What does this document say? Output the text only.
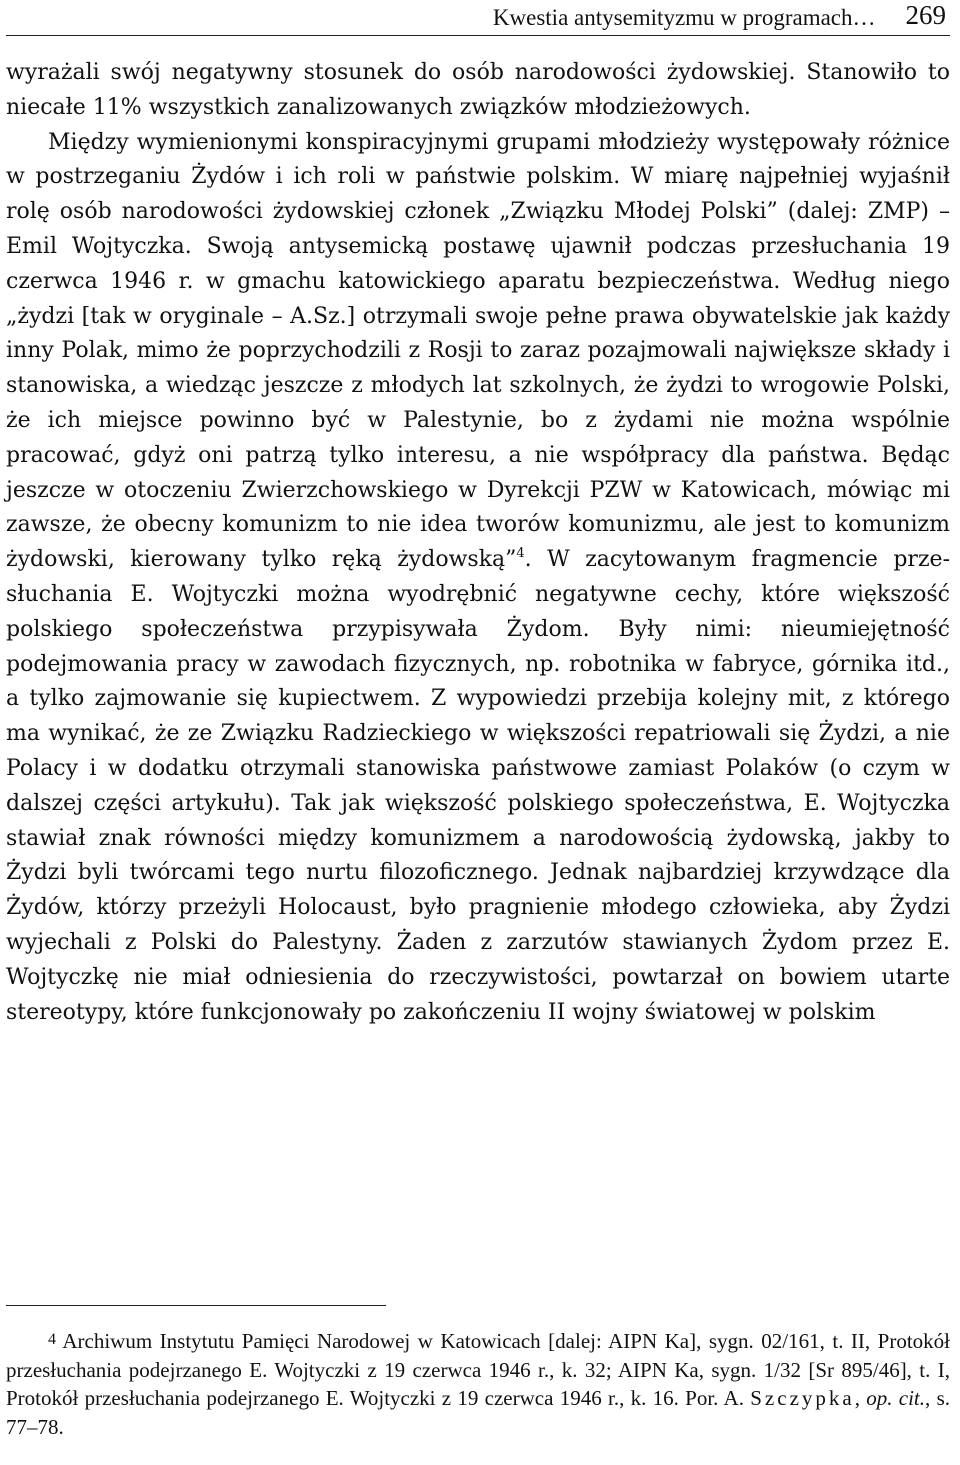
Kwestia antysemityzmu w programach… 269

wyrażali swój negatywny stosunek do osób narodowości żydowskiej. Stanowiło to niecałe 11% wszystkich zanalizowanych związków młodzieżowych.

Między wymienionymi konspiracyjnymi grupami młodzieży występowały różnice w postrzeganiu Żydów i ich roli w państwie polskim. W miarę najpełniej wyjaśnił rolę osób narodowości żydowskiej członek „Związku Młodej Polski” (dalej: ZMP) – Emil Wojtyczka. Swoją antysemicką postawę ujawnił podczas przesłuchania 19 czerwca 1946 r. w gmachu katowickiego aparatu bezpieczeństwa. Według niego „żydzi [tak w oryginale – A.Sz.] otrzymali swoje pełne prawa obywatelskie jak każdy inny Polak, mimo że poprzychodzili z Rosji to zaraz pozajmowali największe składy i stanowiska, a wiedząc jeszcze z młodych lat szkolnych, że żydzi to wrogowie Polski, że ich miejsce powinno być w Palestynie, bo z żydami nie można wspólnie pracować, gdyż oni patrzą tylko interesu, a nie współpracy dla państwa. Będąc jeszcze w otoczeniu Zwierzchowskiego w Dyrekcji PZW w Katowicach, mówiąc mi zawsze, że obecny komunizm to nie idea tworów komunizmu, ale jest to komunizm żydowski, kierowany tylko ręką żydowską”$^4$. W zacytowanym fragmencie przesłuchania E. Wojtyczki można wyodrębnić negatywne cechy, które większość polskiego społeczeństwa przypisywała Żydom. Były nimi: nieumiejętność podejmowania pracy w zawodach fizycznych, np. robotnika w fabryce, górnika itd., a tylko zajmowanie się kupiectwem. Z wypowiedzi przebija kolejny mit, z którego ma wynikać, że ze Związku Radzieckiego w większości repatriowali się Żydzi, a nie Polacy i w dodatku otrzymali stanowiska państwowe zamiast Polaków (o czym w dalszej części artykułu). Tak jak większość polskiego społeczeństwa, E. Wojtyczka stawiał znak równości między komunizmem a narodowością żydowską, jakby to Żydzi byli twórcami tego nurtu filozoficznego. Jednak najbardziej krzywdzące dla Żydów, którzy przeżyli Holocaust, było pragnienie młodego człowieka, aby Żydzi wyjechali z Polski do Palestyny. Żaden z zarzutów stawianych Żydom przez E. Wojtyczkę nie miał odniesienia do rzeczywistości, powtarzał on bowiem utarte stereotypy, które funkcjonowały po zakończeniu II wojny światowej w polskim

4 Archiwum Instytutu Pamięci Narodowej w Katowicach [dalej: AIPN Ka], sygn. 02/161, t. II, Protokół przesłuchania podejrzanego E. Wojtyczki z 19 czerwca 1946 r., k. 32; AIPN Ka, sygn. 1/32 [Sr 895/46], t. I, Protokół przesłuchania podejrzanego E. Wojtyczki z 19 czerwca 1946 r., k. 16. Por. A. Szczypka, op. cit., s. 77–78.
